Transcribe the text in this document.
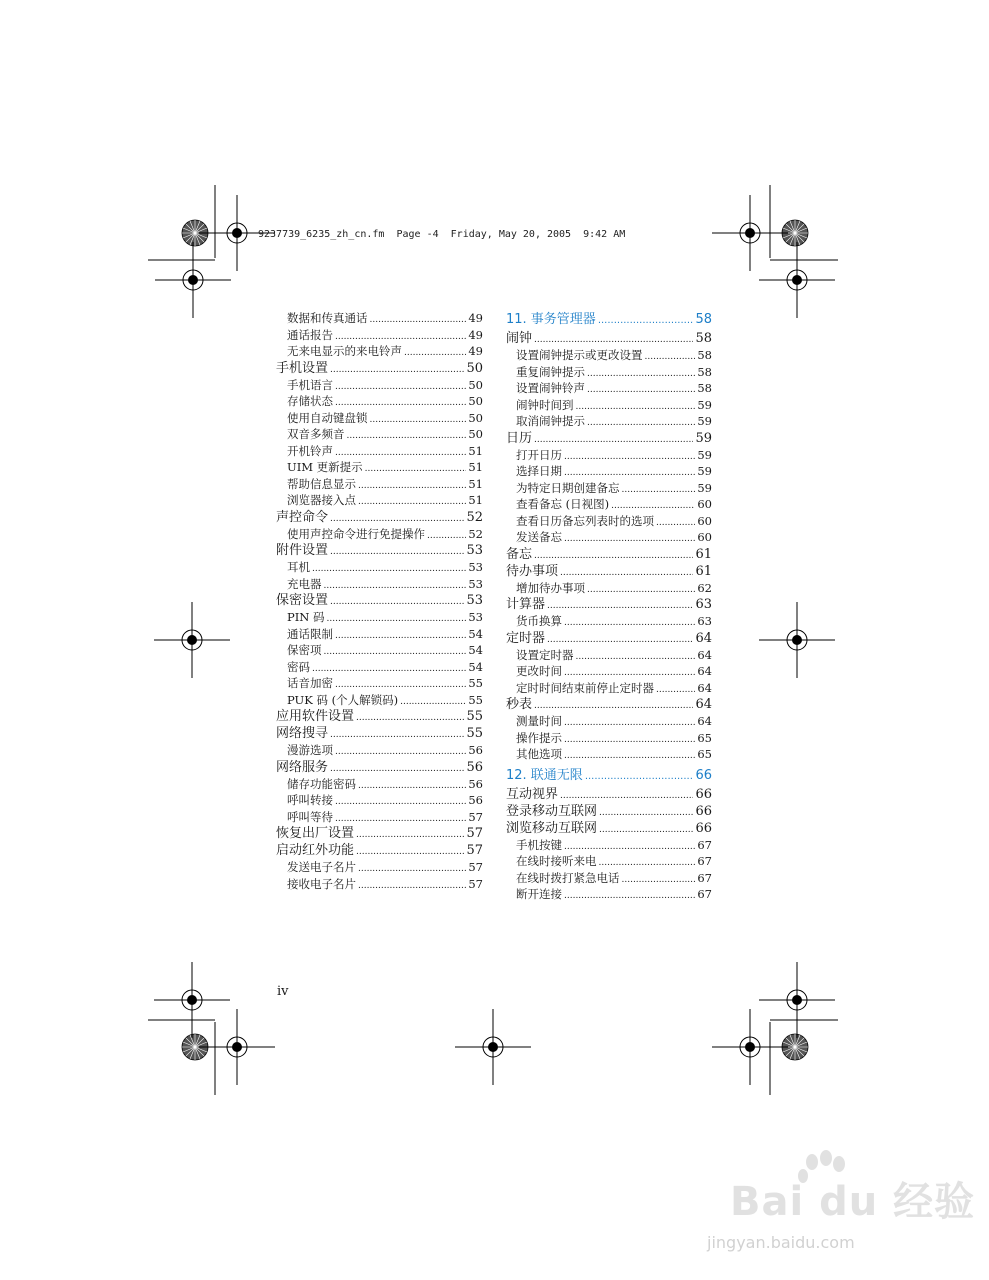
9237739_6235_zh_cn.fm  Page -4  Friday, May 20, 2005  9:42 AM
数据和传真通话 .....	49
通话报告 .....	49
无来电显示的来电铃声 .....	49
手机设置 .....	50
手机语言 .....	50
存储状态 .....	50
使用自动键盘锁 .....	50
双音多频音 .....	50
开机铃声 .....	51
UIM 更新提示 .....	51
帮助信息显示 .....	51
浏览器接入点 .....	51
声控命令 .....	52
使用声控命令进行免提操作 .....	52
附件设置 .....	53
耳机 .....	53
充电器 .....	53
保密设置 .....	53
PIN 码 .....	53
通话限制 .....	54
保密项 .....	54
密码 .....	54
话音加密 .....	55
PUK 码 (个人解锁码) .....	55
应用软件设置 .....	55
网络搜寻 .....	55
漫游选项 .....	56
网络服务 .....	56
储存功能密码 .....	56
呼叫转接 .....	56
呼叫等待 .....	57
恢复出厂设置 .....	57
启动红外功能 .....	57
发送电子名片 .....	57
接收电子名片 .....	57
11. 事务管理器 .....	58
闹钟 .....	58
设置闹钟提示或更改设置 .....	58
重复闹钟提示 .....	58
设置闹钟铃声 .....	58
闹钟时间到 .....	59
取消闹钟提示 .....	59
日历 .....	59
打开日历 .....	59
选择日期 .....	59
为特定日期创建备忘 .....	59
查看备忘 (日视图) .....	60
查看日历备忘列表时的选项 .....	60
发送备忘 .....	60
备忘 .....	61
待办事项 .....	61
增加待办事项 .....	62
计算器 .....	63
货币换算 .....	63
定时器 .....	64
设置定时器 .....	64
更改时间 .....	64
定时时间结束前停止定时器 .....	64
秒表 .....	64
测量时间 .....	64
操作提示 .....	65
其他选项 .....	65
12. 联通无限 .....	66
互动视界 .....	66
登录移动互联网 .....	66
浏览移动互联网 .....	66
手机按键 .....	67
在线时接听来电 .....	67
在线时拨打紧急电话 .....	67
断开连接 .....	67
iv
Bai du 经验
jingyan.baidu.com
